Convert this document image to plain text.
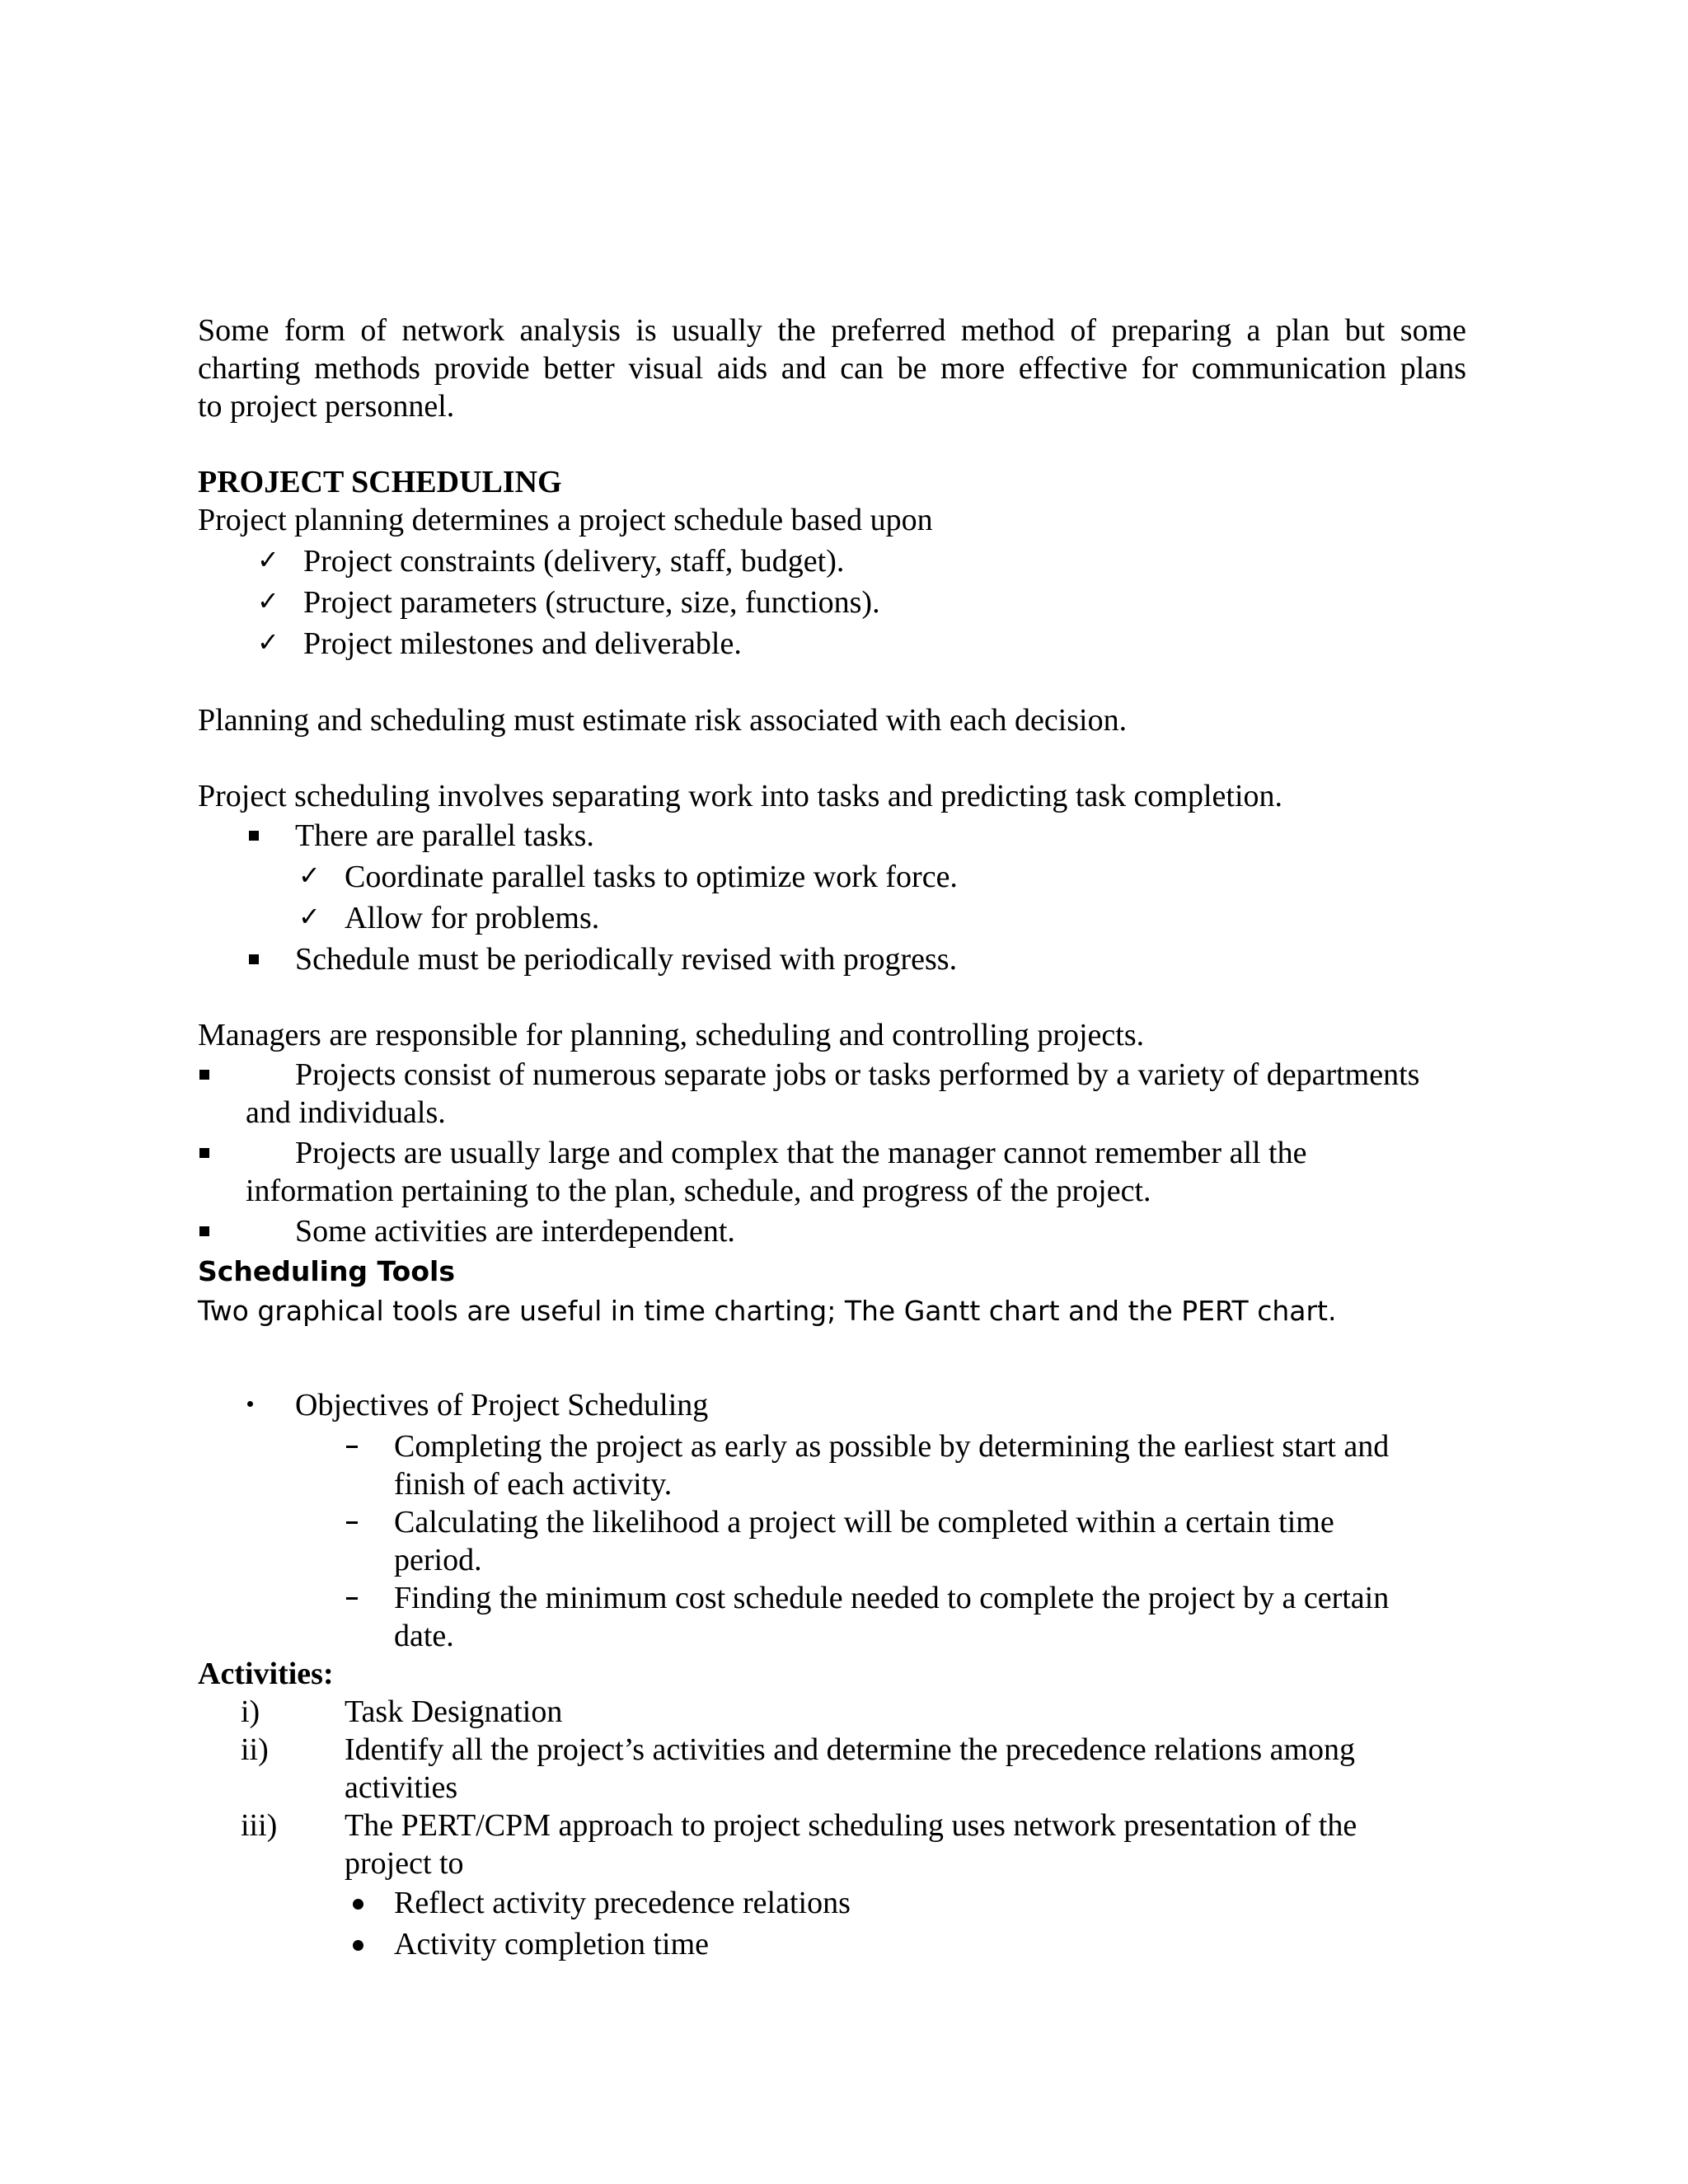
Some form of network analysis is usually the preferred method of preparing a plan but some
charting methods provide better visual aids and can be more effective for communication plans
to project personnel.
PROJECT SCHEDULING
Project planning determines a project schedule based upon
✓ Project constraints (delivery, staff, budget).
✓ Project parameters (structure, size, functions).
✓ Project milestones and deliverable.
Planning and scheduling must estimate risk associated with each decision.
Project scheduling involves separating work into tasks and predicting task completion.
There are parallel tasks.
✓ Coordinate parallel tasks to optimize work force.
✓ Allow for problems.
Schedule must be periodically revised with progress.
Managers are responsible for planning, scheduling and controlling projects.
Projects consist of numerous separate jobs or tasks performed by a variety of departments
and individuals.
Projects are usually large and complex that the manager cannot remember all the
information pertaining to the plan, schedule, and progress of the project.
Some activities are interdependent.
Scheduling Tools
Two graphical tools are useful in time charting; The Gantt chart and the PERT chart.
Objectives of Project Scheduling
Completing the project as early as possible by determining the earliest start and
finish of each activity.
Calculating the likelihood a project will be completed within a certain time
period.
Finding the minimum cost schedule needed to complete the project by a certain
date.
Activities:
i)	Task Designation
ii) Identify all the project’s activities and determine the precedence relations among
activities
iii) The PERT/CPM approach to project scheduling uses network presentation of the
project to
Reflect activity precedence relations
Activity completion time
